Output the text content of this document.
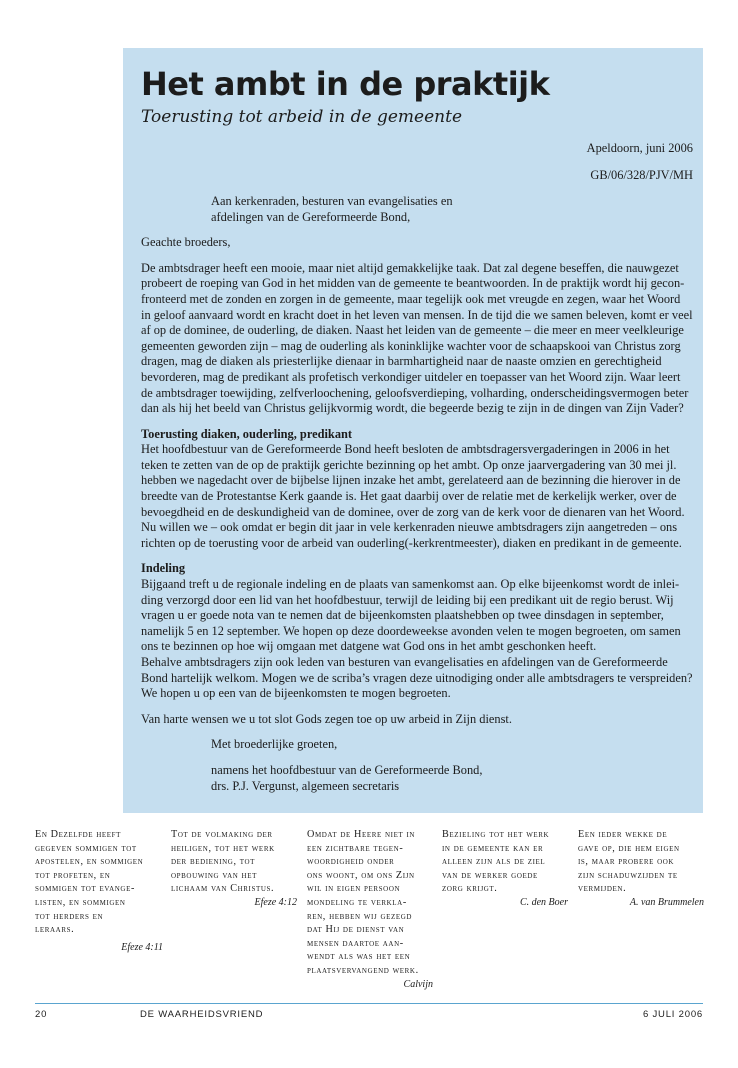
Het ambt in de praktijk
Toerusting tot arbeid in de gemeente

Apeldoorn, juni 2006

GB/06/328/PJV/MH

Aan kerkenraden, besturen van evangelisaties en

afdelingen van de Gereformeerde Bond,

Geachte broeders,

De ambtsdrager heeft een mooie, maar niet altijd gemakkelijke taak. Dat zal degene beseffen, die nauwgezet

probeert de roeping van God in het midden van de gemeente te beantwoorden. In de praktijk wordt hij gecon-

fronteerd met de zonden en zorgen in de gemeente, maar tegelijk ook met vreugde en zegen, waar het Woord

in geloof aanvaard wordt en kracht doet in het leven van mensen. In de tijd die we samen beleven, komt er veel

af op de dominee, de ouderling, de diaken. Naast het leiden van de gemeente – die meer en meer veelkleurige

gemeenten geworden zijn – mag de ouderling als koninklijke wachter voor de schaapskooi van Christus zorg

dragen, mag de diaken als priesterlijke dienaar in barmhartigheid naar de naaste omzien en gerechtigheid

bevorderen, mag de predikant als profetisch verkondiger uitdeler en toepasser van het Woord zijn. Waar leert

de ambtsdrager toewijding, zelfverloochening, geloofsverdieping, volharding, onderscheidingsvermogen beter

dan als hij het beeld van Christus gelijkvormig wordt, die begeerde bezig te zijn in de dingen van Zijn Vader?

Toerusting diaken, ouderling, predikant

Het hoofdbestuur van de Gereformeerde Bond heeft besloten de ambtsdragersvergaderingen in 2006 in het

teken te zetten van de op de praktijk gerichte bezinning op het ambt. Op onze jaarvergadering van 30 mei jl.

hebben we nagedacht over de bijbelse lijnen inzake het ambt, gerelateerd aan de bezinning die hierover in de

breedte van de Protestantse Kerk gaande is. Het gaat daarbij over de relatie met de kerkelijk werker, over de

bevoegdheid en de deskundigheid van de dominee, over de zorg van de kerk voor de dienaren van het Woord.

Nu willen we – ook omdat er begin dit jaar in vele kerkenraden nieuwe ambtsdragers zijn aangetreden – ons

richten op de toerusting voor de arbeid van ouderling(-kerkrentmeester), diaken en predikant in de gemeente.

Indeling

Bijgaand treft u de regionale indeling en de plaats van samenkomst aan. Op elke bijeenkomst wordt de inlei-

ding verzorgd door een lid van het hoofdbestuur, terwijl de leiding bij een predikant uit de regio berust. Wij

vragen u er goede nota van te nemen dat de bijeenkomsten plaatshebben op twee dinsdagen in september,

namelijk 5 en 12 september. We hopen op deze doordeweekse avonden velen te mogen begroeten, om samen

ons te bezinnen op hoe wij omgaan met datgene wat God ons in het ambt geschonken heeft.

Behalve ambtsdragers zijn ook leden van besturen van evangelisaties en afdelingen van de Gereformeerde

Bond hartelijk welkom. Mogen we de scriba’s vragen deze uitnodiging onder alle ambtsdragers te verspreiden?

We hopen u op een van de bijeenkomsten te mogen begroeten.

Van harte wensen we u tot slot Gods zegen toe op uw arbeid in Zijn dienst.

Met broederlijke groeten,

namens het hoofdbestuur van de Gereformeerde Bond,

drs. P.J. Vergunst, algemeen secretaris

En Dezelfde heeft
gegeven sommigen tot
apostelen, en sommigen
tot profeten, en
sommigen tot evange-
listen, en sommigen
tot herders en
leraars.
Efeze 4:11
Tot de volmaking der
heiligen, tot het werk
der bediening, tot
opbouwing van het
lichaam van Christus.
Efeze 4:12
Omdat de Heere niet in
een zichtbare tegen-
woordigheid onder
ons woont, om ons Zijn
wil in eigen persoon
mondeling te verkla-
ren, hebben wij gezegd
dat Hij de dienst van
mensen daartoe aan-
wendt als was het een
plaatsvervangend werk.
Calvijn
Bezieling tot het werk
in de gemeente kan er
alleen zijn als de ziel
van de werker goede
zorg krijgt.
C. den Boer
Een ieder wekke de
gave op, die hem eigen
is, maar probere ook
zijn schaduwzijden te
vermijden.
A. van Brummelen
20	DE WAARHEIDSVRIEND	6 JULI 2006
